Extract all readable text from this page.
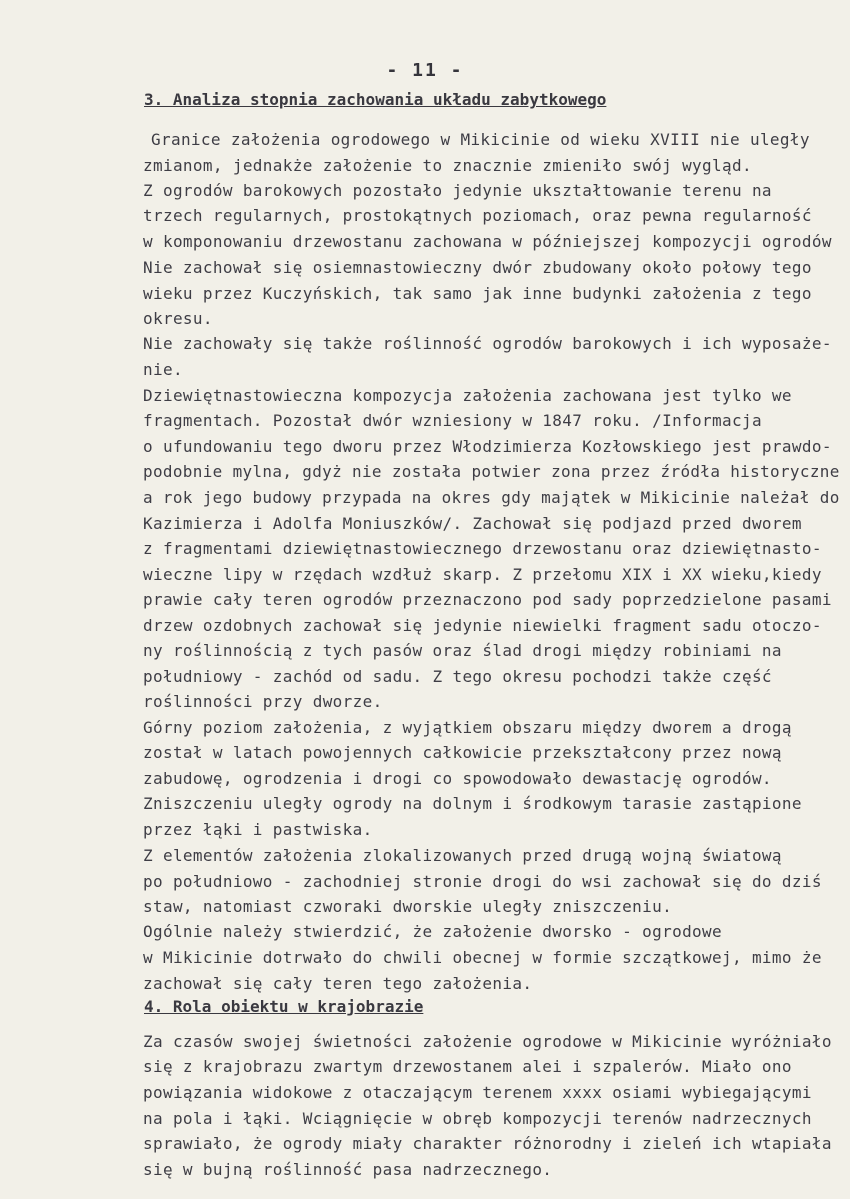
- 11 -
3. Analiza stopnia zachowania układu zabytkowego
Granice założenia ogrodowego w Mikicinie od wieku XVIII nie uległy
zmianom, jednakże założenie to znacznie zmieniło swój wygląd.
Z ogrodów barokowych pozostało jedynie ukształtowanie terenu na
trzech regularnych, prostokątnych poziomach, oraz pewna regularność
w komponowaniu drzewostanu zachowana w późniejszej kompozycji ogrodów
Nie zachował się osiemnastowieczny dwór zbudowany około połowy tego
wieku przez Kuczyńskich, tak samo jak inne budynki założenia z tego
okresu.
Nie zachowały się także roślinność ogrodów barokowych i ich wyposaże-
nie.
Dziewiętnastowieczna kompozycja założenia zachowana jest tylko we
fragmentach. Pozostał dwór wzniesiony w 1847 roku. /Informacja
o ufundowaniu tego dworu przez Włodzimierza Kozłowskiego jest prawdo-
podobnie mylna, gdyż nie została potwier zona przez źródła historyczne
a rok jego budowy przypada na okres gdy majątek w Mikicinie należał do
Kazimierza i Adolfa Moniuszków/. Zachował się podjazd przed dworem
z fragmentami dziewiętnastowiecznego drzewostanu oraz dziewiętnasto-
wieczne lipy w rzędach wzdłuż skarp. Z przełomu XIX i XX wieku,kiedy
prawie cały teren ogrodów przeznaczono pod sady poprzedzielone pasami
drzew ozdobnych zachował się jedynie niewielki fragment sadu otoczo-
ny roślinnością z tych pasów oraz ślad drogi między robiniami na
południowy - zachód od sadu. Z tego okresu pochodzi także część
roślinności przy dworze.
Górny poziom założenia, z wyjątkiem obszaru między dworem a drogą
został w latach powojennych całkowicie przekształcony przez nową
zabudowę, ogrodzenia i drogi co spowodowało dewastację ogrodów.
Zniszczeniu uległy ogrody na dolnym i środkowym tarasie zastąpione
przez łąki i pastwiska.
Z elementów założenia zlokalizowanych przed drugą wojną światową
po południowo - zachodniej stronie drogi do wsi zachował się do dziś
staw, natomiast czworaki dworskie uległy zniszczeniu.
Ogólnie należy stwierdzić, że założenie dworsko - ogrodowe
w Mikicinie dotrwało do chwili obecnej w formie szczątkowej, mimo że
zachował się cały teren tego założenia.
4. Rola obiektu w krajobrazie
Za czasów swojej świetności założenie ogrodowe w Mikicinie wyróżniało
się z krajobrazu zwartym drzewostanem alei i szpalerów. Miało ono
powiązania widokowe z otaczającym terenem xxxx osiami wybiegającymi
na pola i łąki. Wciągnięcie w obręb kompozycji terenów nadrzecznych
sprawiało, że ogrody miały charakter różnorodny i zieleń ich wtapiała
się w bujną roślinność pasa nadrzecznego.
